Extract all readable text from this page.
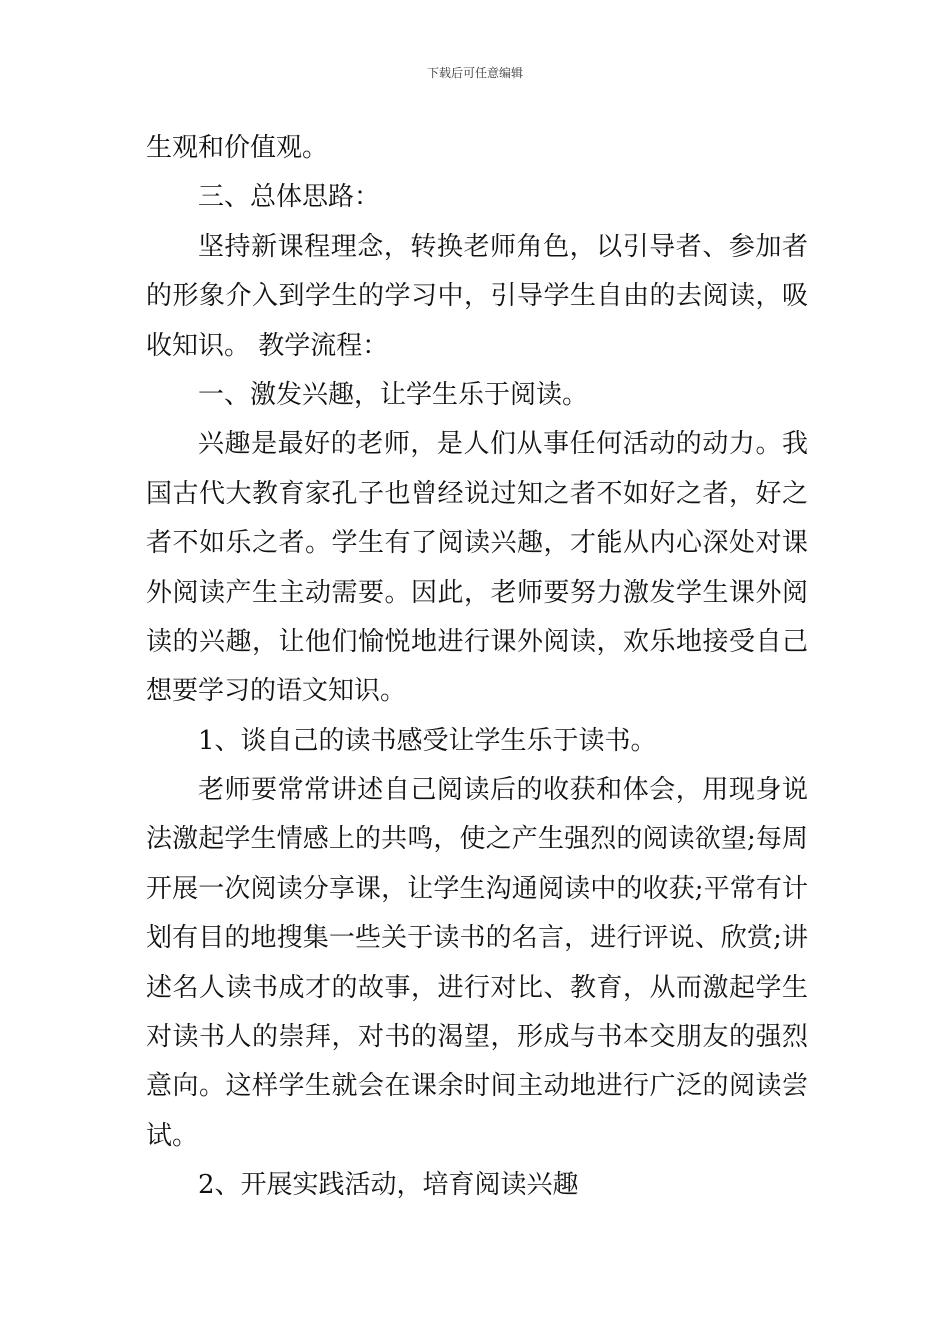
下载后可任意编辑
生观和价值观。
三、总体思路：
坚持新课程理念，转换老师角色，以引导者、参加者
的形象介入到学生的学习中，引导学生自由的去阅读，吸
收知识。 教学流程：
一、激发兴趣，让学生乐于阅读。
兴趣是最好的老师，是人们从事任何活动的动力。我
国古代大教育家孔子也曾经说过知之者不如好之者，好之
者不如乐之者。学生有了阅读兴趣，才能从内心深处对课
外阅读产生主动需要。因此，老师要努力激发学生课外阅
读的兴趣，让他们愉悦地进行课外阅读，欢乐地接受自己
想要学习的语文知识。
1、谈自己的读书感受让学生乐于读书。
老师要常常讲述自己阅读后的收获和体会，用现身说
法激起学生情感上的共鸣，使之产生强烈的阅读欲望;每周
开展一次阅读分享课，让学生沟通阅读中的收获;平常有计
划有目的地搜集一些关于读书的名言，进行评说、欣赏;讲
述名人读书成才的故事，进行对比、教育，从而激起学生
对读书人的崇拜，对书的渴望，形成与书本交朋友的强烈
意向。这样学生就会在课余时间主动地进行广泛的阅读尝
试。
2、开展实践活动，培育阅读兴趣
